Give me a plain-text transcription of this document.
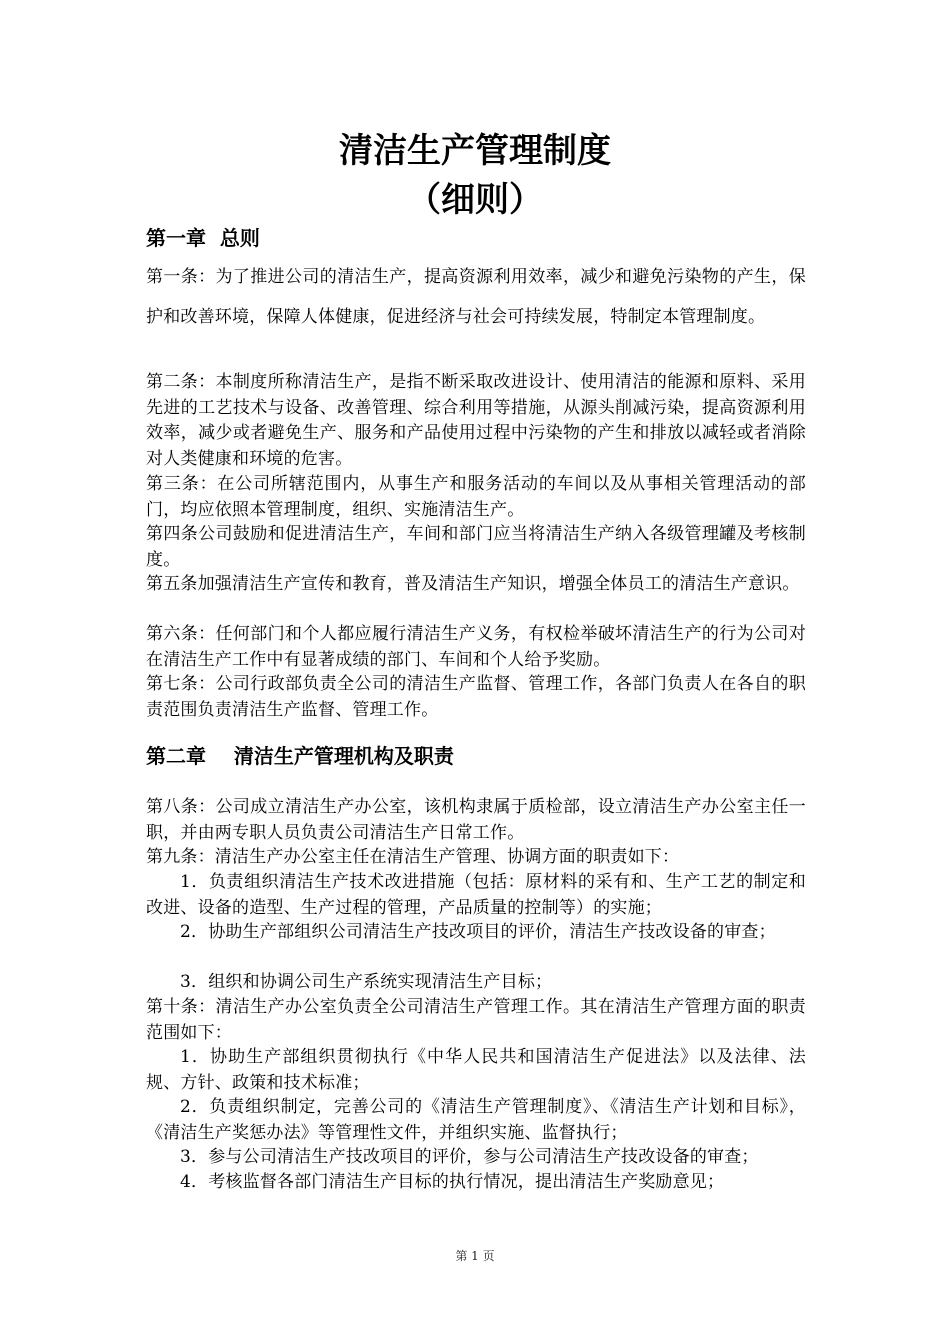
清洁生产管理制度
（细则）
第一章  总则

第一条：为了推进公司的清洁生产，提高资源利用效率，减少和避免污染物的产生，保护和改善环境，保障人体健康，促进经济与社会可持续发展，特制定本管理制度。

第二条：本制度所称清洁生产，是指不断采取改进设计、使用清洁的能源和原料、采用先进的工艺技术与设备、改善管理、综合利用等措施，从源头削减污染，提高资源利用效率，减少或者避免生产、服务和产品使用过程中污染物的产生和排放以减轻或者消除对人类健康和环境的危害。

第三条：在公司所辖范围内，从事生产和服务活动的车间以及从事相关管理活动的部门，均应依照本管理制度，组织、实施清洁生产。

第四条公司鼓励和促进清洁生产，车间和部门应当将清洁生产纳入各级管理罐及考核制度。

第五条加强清洁生产宣传和教育，普及清洁生产知识，增强全体员工的清洁生产意识。

第六条：任何部门和个人都应履行清洁生产义务，有权检举破坏清洁生产的行为公司对在清洁生产工作中有显著成绩的部门、车间和个人给予奖励。

第七条：公司行政部负责全公司的清洁生产监督、管理工作，各部门负责人在各自的职责范围负责清洁生产监督、管理工作。

第二章    清洁生产管理机构及职责

第八条：公司成立清洁生产办公室，该机构隶属于质检部，设立清洁生产办公室主任一职，并由两专职人员负责公司清洁生产日常工作。

第九条：清洁生产办公室主任在清洁生产管理、协调方面的职责如下：

1．负责组织清洁生产技术改进措施（包括：原材料的采有和、生产工艺的制定和改进、设备的造型、生产过程的管理，产品质量的控制等）的实施；

2．协助生产部组织公司清洁生产技改项目的评价，清洁生产技改设备的审查；

3．组织和协调公司生产系统实现清洁生产目标；

第十条：清洁生产办公室负责全公司清洁生产管理工作。其在清洁生产管理方面的职责范围如下：

1．协助生产部组织贯彻执行《中华人民共和国清洁生产促进法》以及法律、法规、方针、政策和技术标准；

2．负责组织制定，完善公司的《清洁生产管理制度》、《清洁生产计划和目标》，《清洁生产奖惩办法》等管理性文件，并组织实施、监督执行；

3．参与公司清洁生产技改项目的评价，参与公司清洁生产技改设备的审查；

4．考核监督各部门清洁生产目标的执行情况，提出清洁生产奖励意见；

第 1 页
